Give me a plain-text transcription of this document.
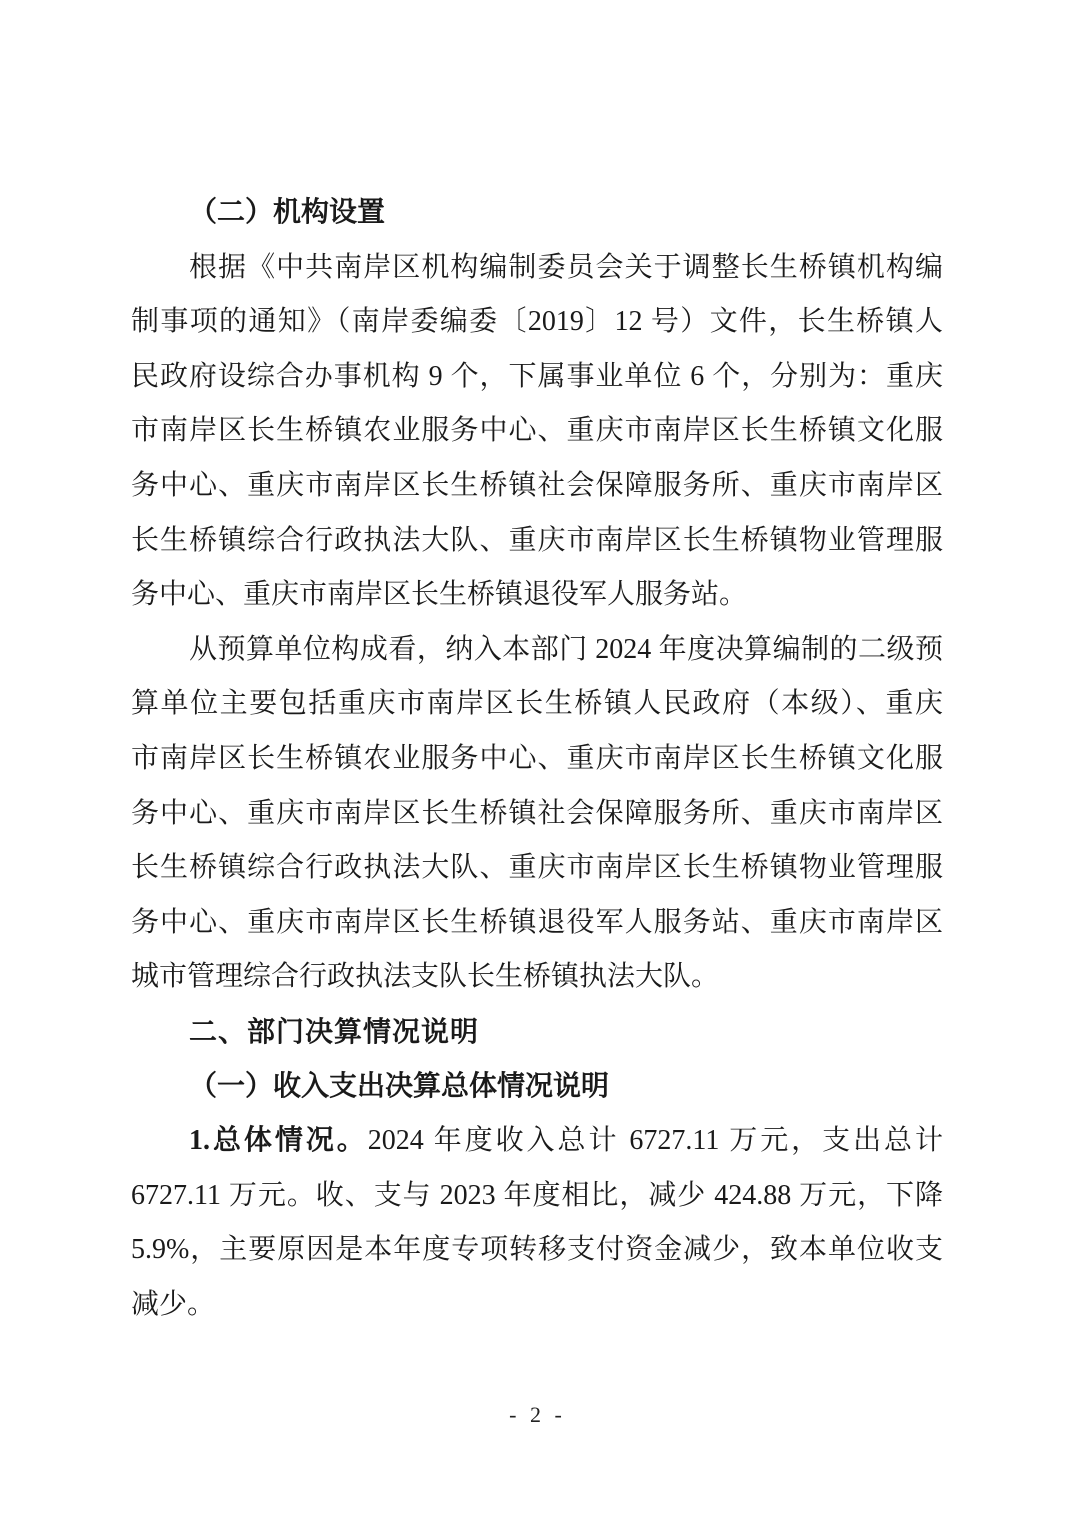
（二）机构设置
根据《中共南岸区机构编制委员会关于调整长生桥镇机构编
制事项的通知》（南岸委编委〔2019〕12 号）文件，长生桥镇人
民政府设综合办事机构 9 个，下属事业单位 6 个，分别为：重庆
市南岸区长生桥镇农业服务中心、重庆市南岸区长生桥镇文化服
务中心、重庆市南岸区长生桥镇社会保障服务所、重庆市南岸区
长生桥镇综合行政执法大队、重庆市南岸区长生桥镇物业管理服
务中心、重庆市南岸区长生桥镇退役军人服务站。
从预算单位构成看，纳入本部门 2024 年度决算编制的二级预
算单位主要包括重庆市南岸区长生桥镇人民政府（本级）、重庆
市南岸区长生桥镇农业服务中心、重庆市南岸区长生桥镇文化服
务中心、重庆市南岸区长生桥镇社会保障服务所、重庆市南岸区
长生桥镇综合行政执法大队、重庆市南岸区长生桥镇物业管理服
务中心、重庆市南岸区长生桥镇退役军人服务站、重庆市南岸区
城市管理综合行政执法支队长生桥镇执法大队。
二、部门决算情况说明
（一）收入支出决算总体情况说明
1.总体情况。2024 年度收入总计 6727.11 万元，支出总计
6727.11 万元。收、支与 2023 年度相比，减少 424.88 万元，下降
5.9%，主要原因是本年度专项转移支付资金减少，致本单位收支
减少。
- 2 -
